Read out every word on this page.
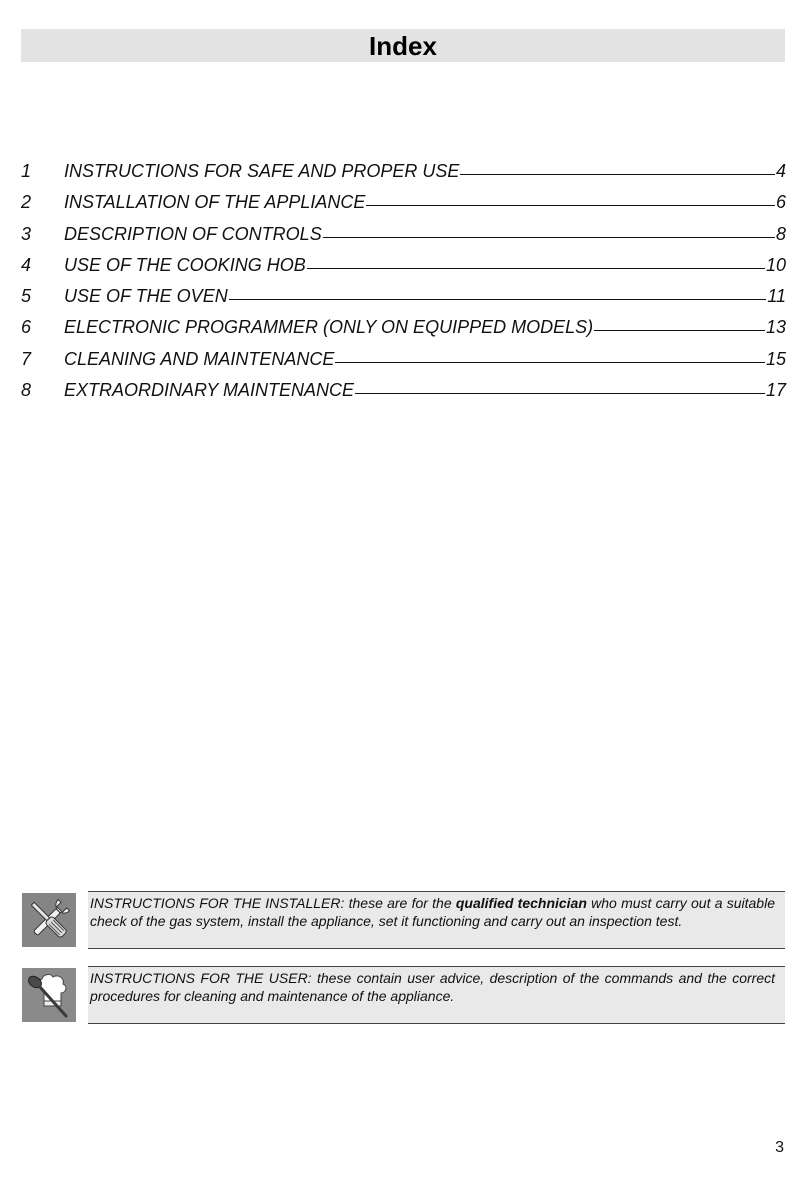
Index
1	INSTRUCTIONS FOR SAFE AND PROPER USE	4
2	INSTALLATION OF THE APPLIANCE	6
3	DESCRIPTION OF CONTROLS	8
4	USE OF THE COOKING HOB	10
5	USE OF THE OVEN	11
6	ELECTRONIC PROGRAMMER (ONLY ON EQUIPPED MODELS)	13
7	CLEANING AND MAINTENANCE	15
8	EXTRAORDINARY MAINTENANCE	17
INSTRUCTIONS FOR THE INSTALLER: these are for the qualified technician who must carry out a suitable check of the gas system, install the appliance, set it functioning and carry out an inspection test.
INSTRUCTIONS FOR THE USER: these contain user advice, description of the commands and the correct procedures for cleaning and maintenance of the appliance.
3
